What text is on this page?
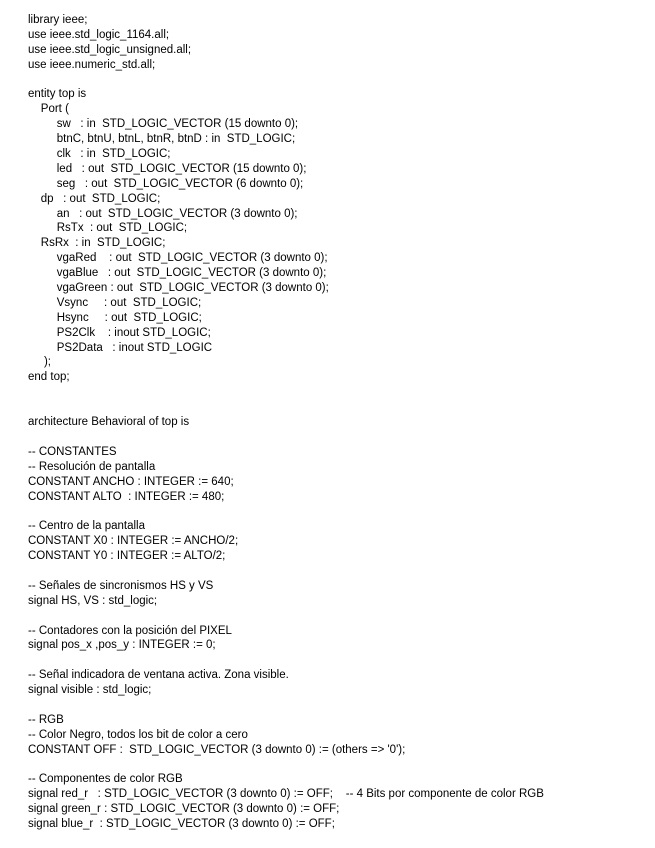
library ieee;
use ieee.std_logic_1164.all;
use ieee.std_logic_unsigned.all;
use ieee.numeric_std.all;
entity top is
Port (
sw   : in  STD_LOGIC_VECTOR (15 downto 0);
btnC, btnU, btnL, btnR, btnD : in  STD_LOGIC;
clk   : in  STD_LOGIC;
led   : out  STD_LOGIC_VECTOR (15 downto 0);
seg   : out  STD_LOGIC_VECTOR (6 downto 0);
dp   : out  STD_LOGIC;
an   : out  STD_LOGIC_VECTOR (3 downto 0);
RsTx  : out  STD_LOGIC;
RsRx  : in  STD_LOGIC;
vgaRed    : out  STD_LOGIC_VECTOR (3 downto 0);
vgaBlue   : out  STD_LOGIC_VECTOR (3 downto 0);
vgaGreen : out  STD_LOGIC_VECTOR (3 downto 0);
Vsync     : out  STD_LOGIC;
Hsync     : out  STD_LOGIC;
PS2Clk    : inout STD_LOGIC;
PS2Data   : inout STD_LOGIC
);
end top;
architecture Behavioral of top is
-- CONSTANTES
-- Resolución de pantalla
CONSTANT ANCHO : INTEGER := 640;
CONSTANT ALTO  : INTEGER := 480;
-- Centro de la pantalla
CONSTANT X0 : INTEGER := ANCHO/2;
CONSTANT Y0 : INTEGER := ALTO/2;
-- Señales de sincronismos HS y VS
signal HS, VS : std_logic;
-- Contadores con la posición del PIXEL
signal pos_x ,pos_y : INTEGER := 0;
-- Señal indicadora de ventana activa. Zona visible.
signal visible : std_logic;
-- RGB
-- Color Negro, todos los bit de color a cero
CONSTANT OFF :  STD_LOGIC_VECTOR (3 downto 0) := (others => '0');
-- Componentes de color RGB
signal red_r   : STD_LOGIC_VECTOR (3 downto 0) := OFF;    -- 4 Bits por componente de color RGB
signal green_r : STD_LOGIC_VECTOR (3 downto 0) := OFF;
signal blue_r  : STD_LOGIC_VECTOR (3 downto 0) := OFF;
